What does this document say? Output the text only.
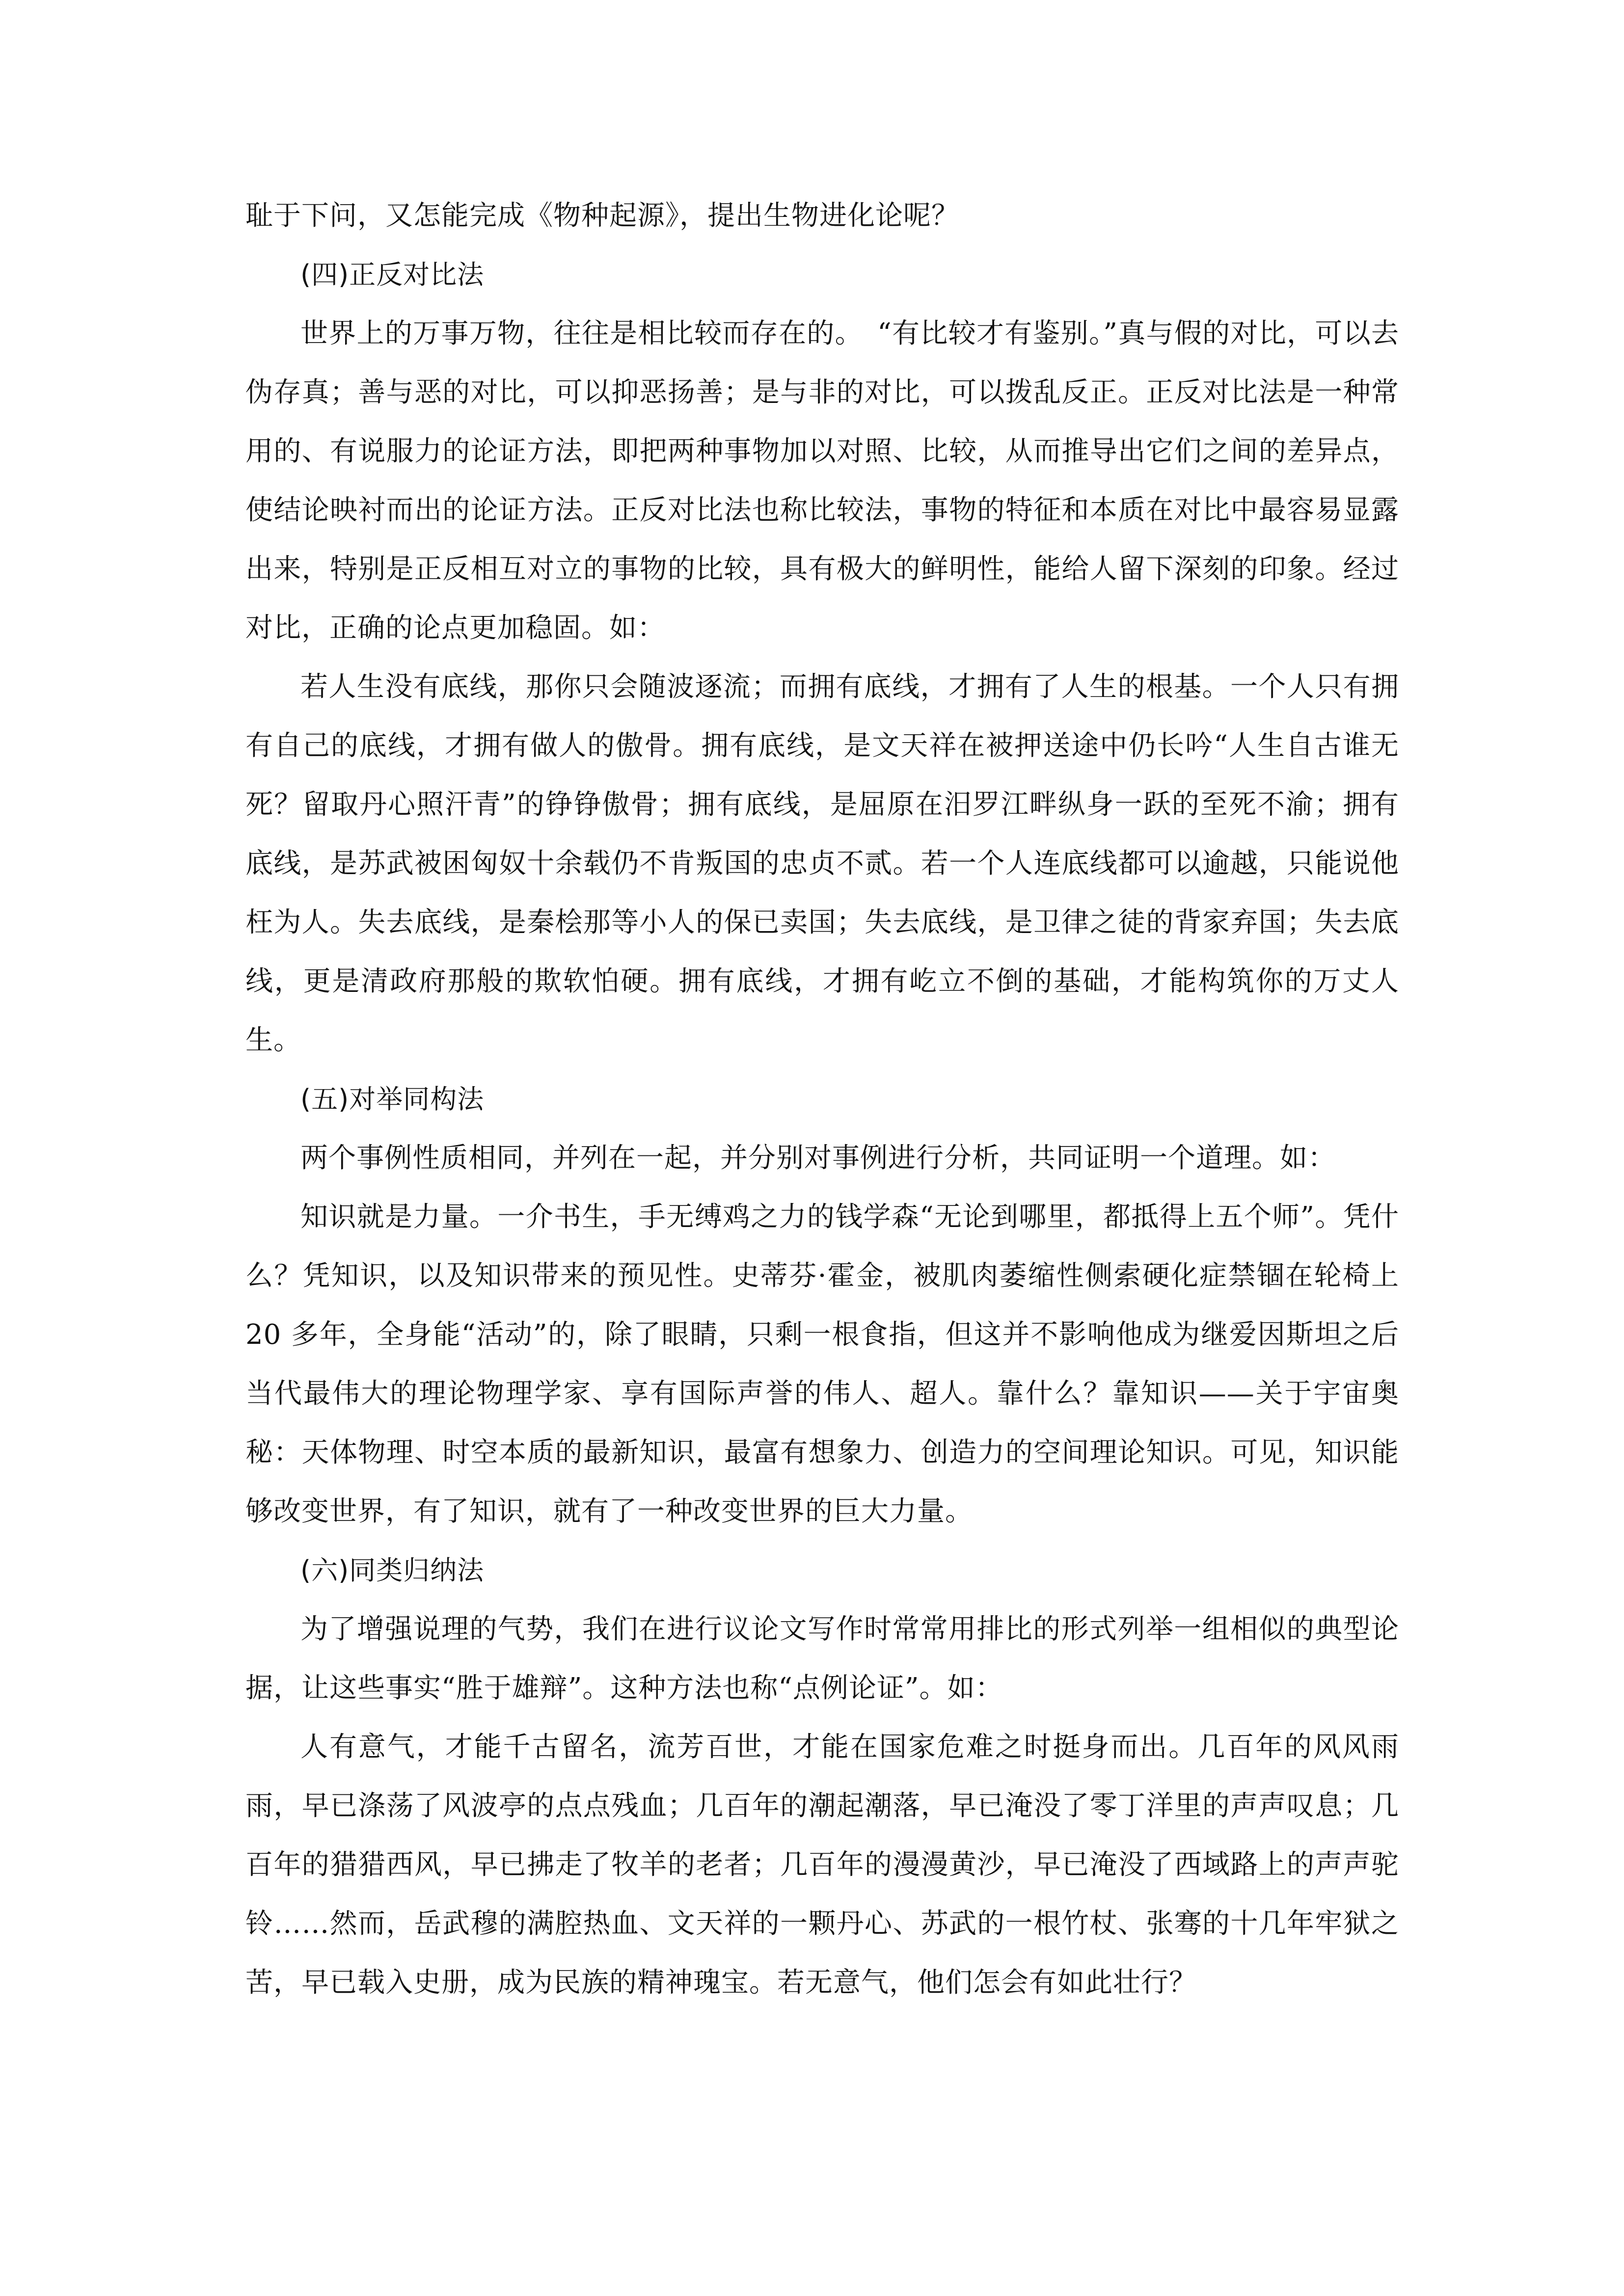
耻于下问，又怎能完成《物种起源》，提出生物进化论呢？

(四)正反对比法

世界上的万事万物，往往是相比较而存在的。　“有比较才有鉴别。”真与假的对比，可以去伪存真；善与恶的对比，可以抑恶扬善；是与非的对比，可以拨乱反正。正反对比法是一种常用的、有说服力的论证方法，即把两种事物加以对照、比较，从而推导出它们之间的差异点，使结论映衬而出的论证方法。正反对比法也称比较法，事物的特征和本质在对比中最容易显露出来，特别是正反相互对立的事物的比较，具有极大的鲜明性，能给人留下深刻的印象。经过对比，正确的论点更加稳固。如：

若人生没有底线，那你只会随波逐流；而拥有底线，才拥有了人生的根基。一个人只有拥有自己的底线，才拥有做人的傲骨。拥有底线，是文天祥在被押送途中仍长吟“人生自古谁无死？留取丹心照汗青”的铮铮傲骨；拥有底线，是屈原在汨罗江畔纵身一跃的至死不渝；拥有底线，是苏武被困匈奴十余载仍不肯叛国的忠贞不贰。若一个人连底线都可以逾越，只能说他枉为人。失去底线，是秦桧那等小人的保已卖国；失去底线，是卫律之徒的背家弃国；失去底线，更是清政府那般的欺软怕硬。拥有底线，才拥有屹立不倒的基础，才能构筑你的万丈人生。

(五)对举同构法

两个事例性质相同，并列在一起，并分别对事例进行分析，共同证明一个道理。如：

知识就是力量。一介书生，手无缚鸡之力的钱学森“无论到哪里，都抵得上五个师”。凭什么？凭知识，以及知识带来的预见性。史蒂芬·霍金，被肌肉萎缩性侧索硬化症禁锢在轮椅上 20 多年，全身能“活动”的，除了眼睛，只剩一根食指，但这并不影响他成为继爱因斯坦之后当代最伟大的理论物理学家、享有国际声誉的伟人、超人。靠什么？靠知识——关于宇宙奥秘：天体物理、时空本质的最新知识，最富有想象力、创造力的空间理论知识。可见，知识能够改变世界，有了知识，就有了一种改变世界的巨大力量。

(六)同类归纳法

为了增强说理的气势，我们在进行议论文写作时常常用排比的形式列举一组相似的典型论据，让这些事实“胜于雄辩”。这种方法也称“点例论证”。如：

人有意气，才能千古留名，流芳百世，才能在国家危难之时挺身而出。几百年的风风雨雨，早已涤荡了风波亭的点点残血；几百年的潮起潮落，早已淹没了零丁洋里的声声叹息；几百年的猎猎西风，早已拂走了牧羊的老者；几百年的漫漫黄沙，早已淹没了西域路上的声声驼铃……然而，岳武穆的满腔热血、文天祥的一颗丹心、苏武的一根竹杖、张骞的十几年牢狱之苦，早已载入史册，成为民族的精神瑰宝。若无意气，他们怎会有如此壮行？
